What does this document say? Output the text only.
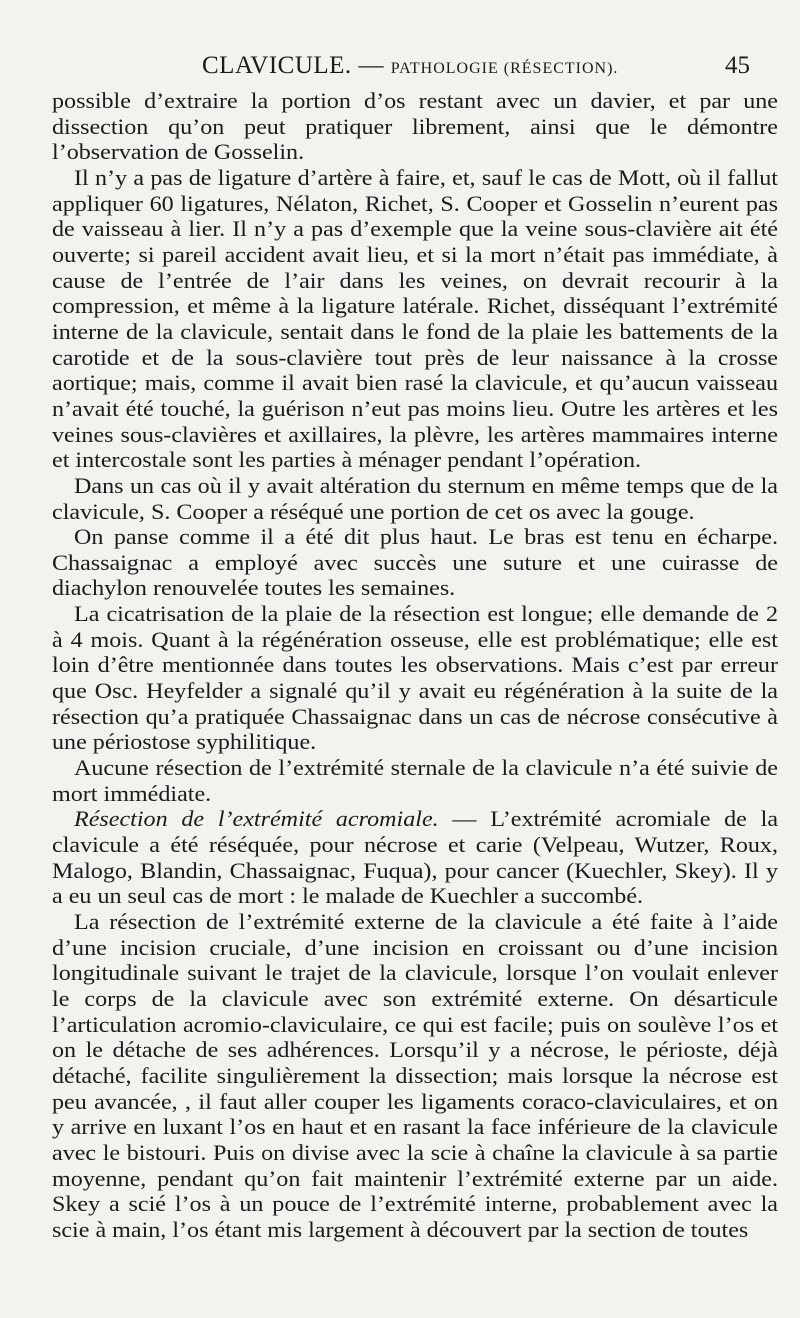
CLAVICULE. — PATHOLOGIE (RÉSECTION).	45

possible d’extraire la portion d’os restant avec un davier, et par une dissection qu’on peut pratiquer librement, ainsi que le démontre l’observation de Gosselin.

Il n’y a pas de ligature d’artère à faire, et, sauf le cas de Mott, où il fallut appliquer 60 ligatures, Nélaton, Richet, S. Cooper et Gosselin n’eurent pas de vaisseau à lier. Il n’y a pas d’exemple que la veine sous-clavière ait été ouverte; si pareil accident avait lieu, et si la mort n’était pas immédiate, à cause de l’entrée de l’air dans les veines, on devrait recourir à la compression, et même à la ligature latérale. Richet, disséquant l’extrémité interne de la clavicule, sentait dans le fond de la plaie les battements de la carotide et de la sous-clavière tout près de leur naissance à la crosse aortique; mais, comme il avait bien rasé la clavicule, et qu’aucun vaisseau n’avait été touché, la guérison n’eut pas moins lieu. Outre les artères et les veines sous-clavières et axillaires, la plèvre, les artères mammaires interne et intercostale sont les parties à ménager pendant l’opération.

Dans un cas où il y avait altération du sternum en même temps que de la clavicule, S. Cooper a réséqué une portion de cet os avec la gouge.

On panse comme il a été dit plus haut. Le bras est tenu en écharpe. Chassaignac a employé avec succès une suture et une cuirasse de diachylon renouvelée toutes les semaines.

La cicatrisation de la plaie de la résection est longue; elle demande de 2 à 4 mois. Quant à la régénération osseuse, elle est problématique; elle est loin d’être mentionnée dans toutes les observations. Mais c’est par erreur que Osc. Heyfelder a signalé qu’il y avait eu régénération à la suite de la résection qu’a pratiquée Chassaignac dans un cas de nécrose consécutive à une périostose syphilitique.

Aucune résection de l’extrémité sternale de la clavicule n’a été suivie de mort immédiate.

Résection de l’extrémité acromiale. — L’extrémité acromiale de la clavicule a été réséquée, pour nécrose et carie (Velpeau, Wutzer, Roux, Malogo, Blandin, Chassaignac, Fuqua), pour cancer (Kuechler, Skey). Il y a eu un seul cas de mort : le malade de Kuechler a succombé.

La résection de l’extrémité externe de la clavicule a été faite à l’aide d’une incision cruciale, d’une incision en croissant ou d’une incision longitudinale suivant le trajet de la clavicule, lorsque l’on voulait enlever le corps de la clavicule avec son extrémité externe. On désarticule l’articulation acromio-claviculaire, ce qui est facile; puis on soulève l’os et on le détache de ses adhérences. Lorsqu’il y a nécrose, le périoste, déjà détaché, facilite singulièrement la dissection; mais lorsque la nécrose est peu avancée, , il faut aller couper les ligaments coraco-claviculaires, et on y arrive en luxant l’os en haut et en rasant la face inférieure de la clavicule avec le bistouri. Puis on divise avec la scie à chaîne la clavicule à sa partie moyenne, pendant qu’on fait maintenir l’extrémité externe par un aide. Skey a scié l’os à un pouce de l’extrémité interne, probablement avec la scie à main, l’os étant mis largement à découvert par la section de toutes
